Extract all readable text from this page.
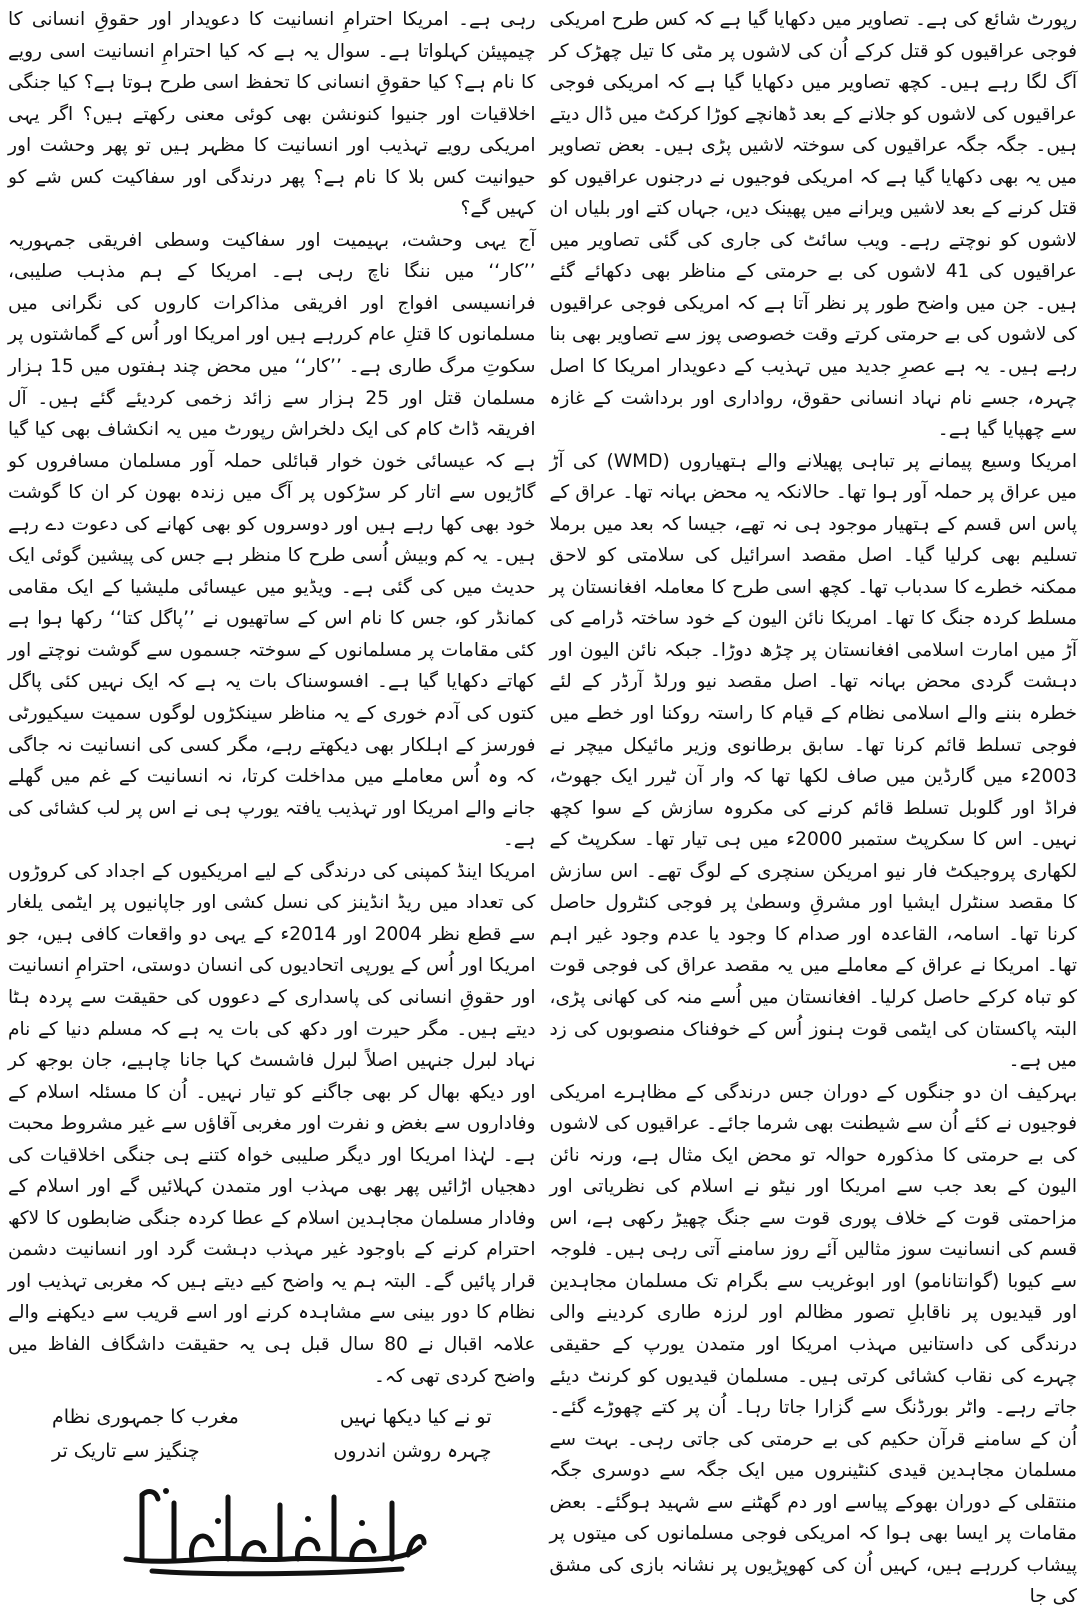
رہی ہے۔ امریکا احترامِ انسانیت کا دعویدار اور حقوقِ انسانی کا چیمپیئن کہلواتا ہے۔ سوال یہ ہے کہ کیا احترامِ انسانیت اسی رویے کا نام ہے؟ کیا حقوقِ انسانی کا تحفظ اسی طرح ہوتا ہے؟ کیا جنگی اخلاقیات اور جنیوا کنونشن بھی کوئی معنی رکھتے ہیں؟ اگر یہی امریکی رویے تہذیب اور انسانیت کا مظہر ہیں تو پھر وحشت اور حیوانیت کس بلا کا نام ہے؟ پھر درندگی اور سفاکیت کس شے کو کہیں گے؟

آج یہی وحشت، بہیمیت اور سفاکیت وسطی افریقی جمہوریہ ’’کار‘‘ میں ننگا ناچ رہی ہے۔ امریکا کے ہم مذہب صلیبی، فرانسیسی افواج اور افریقی مذاکرات کاروں کی نگرانی میں مسلمانوں کا قتلِ عام کررہے ہیں اور امریکا اور اُس کے گماشتوں پر سکوتِ مرگ طاری ہے۔ ’’کار‘‘ میں محض چند ہفتوں میں 15 ہزار مسلمان قتل اور 25 ہزار سے زائد زخمی کردیئے گئے ہیں۔ آل افریقہ ڈاٹ کام کی ایک دلخراش رپورٹ میں یہ انکشاف بھی کیا گیا ہے کہ عیسائی خون خوار قبائلی حملہ آور مسلمان مسافروں کو گاڑیوں سے اتار کر سڑکوں پر آگ میں زندہ بھون کر ان کا گوشت خود بھی کھا رہے ہیں اور دوسروں کو بھی کھانے کی دعوت دے رہے ہیں۔ یہ کم وبیش اُسی طرح کا منظر ہے جس کی پیشین گوئی ایک حدیث میں کی گئی ہے۔ ویڈیو میں عیسائی ملیشیا کے ایک مقامی کمانڈر کو، جس کا نام اس کے ساتھیوں نے ’’پاگل کتا‘‘ رکھا ہوا ہے کئی مقامات پر مسلمانوں کے سوختہ جسموں سے گوشت نوچتے اور کھاتے دکھایا گیا ہے۔ افسوسناک بات یہ ہے کہ ایک نہیں کئی پاگل کتوں کی آدم خوری کے یہ مناظر سینکڑوں لوگوں سمیت سیکیورٹی فورسز کے اہلکار بھی دیکھتے رہے، مگر کسی کی انسانیت نہ جاگی کہ وہ اُس معاملے میں مداخلت کرتا، نہ انسانیت کے غم میں گھلے جانے والے امریکا اور تہذیب یافتہ یورپ ہی نے اس پر لب کشائی کی ہے۔

امریکا اینڈ کمپنی کی درندگی کے لیے امریکیوں کے اجداد کی کروڑوں کی تعداد میں ریڈ انڈینز کی نسل کشی اور جاپانیوں پر ایٹمی یلغار سے قطع نظر 2004 اور 2014ء کے یہی دو واقعات کافی ہیں، جو امریکا اور اُس کے یورپی اتحادیوں کی انسان دوستی، احترامِ انسانیت اور حقوقِ انسانی کی پاسداری کے دعووں کی حقیقت سے پردہ ہٹا دیتے ہیں۔ مگر حیرت اور دکھ کی بات یہ ہے کہ مسلم دنیا کے نام نہاد لبرل جنہیں اصلاً لبرل فاشسٹ کہا جانا چاہیے، جان بوجھ کر اور دیکھ بھال کر بھی جاگنے کو تیار نہیں۔ اُن کا مسئلہ اسلام کے وفاداروں سے بغض و نفرت اور مغربی آقاؤں سے غیر مشروط محبت ہے۔ لہٰذا امریکا اور دیگر صلیبی خواہ کتنے ہی جنگی اخلاقیات کی دھجیاں اڑائیں پھر بھی مہذب اور متمدن کہلائیں گے اور اسلام کے وفادار مسلمان مجاہدین اسلام کے عطا کردہ جنگی ضابطوں کا لاکھ احترام کرنے کے باوجود غیر مہذب دہشت گرد اور انسانیت دشمن قرار پائیں گے۔ البتہ ہم یہ واضح کیے دیتے ہیں کہ مغربی تہذیب اور نظام کا دور بینی سے مشاہدہ کرنے اور اسے قریب سے دیکھنے والے علامہ اقبال نے 80 سال قبل ہی یہ حقیقت داشگاف الفاظ میں واضح کردی تھی کہ۔

تو نے کیا دیکھا نہیں
مغرب کا جمہوری نظام
چہرہ روشن اندروں
چنگیز سے تاریک تر

رپورٹ شائع کی ہے۔ تصاویر میں دکھایا گیا ہے کہ کس طرح امریکی فوجی عراقیوں کو قتل کرکے اُن کی لاشوں پر مٹی کا تیل چھڑک کر آگ لگا رہے ہیں۔ کچھ تصاویر میں دکھایا گیا ہے کہ امریکی فوجی عراقیوں کی لاشوں کو جلانے کے بعد ڈھانچے کوڑا کرکٹ میں ڈال دیتے ہیں۔ جگہ جگہ عراقیوں کی سوختہ لاشیں پڑی ہیں۔ بعض تصاویر میں یہ بھی دکھایا گیا ہے کہ امریکی فوجیوں نے درجنوں عراقیوں کو قتل کرنے کے بعد لاشیں ویرانے میں پھینک دیں، جہاں کتے اور بلیاں ان لاشوں کو نوچتے رہے۔ ویب سائٹ کی جاری کی گئی تصاویر میں عراقیوں کی 41 لاشوں کی بے حرمتی کے مناظر بھی دکھائے گئے ہیں۔ جن میں واضح طور پر نظر آتا ہے کہ امریکی فوجی عراقیوں کی لاشوں کی بے حرمتی کرتے وقت خصوصی پوز سے تصاویر بھی بنا رہے ہیں۔ یہ ہے عصرِ جدید میں تہذیب کے دعویدار امریکا کا اصل چہرہ، جسے نام نہاد انسانی حقوق، رواداری اور برداشت کے غازہ سے چھپایا گیا ہے۔

امریکا وسیع پیمانے پر تباہی پھیلانے والے ہتھیاروں (WMD) کی آڑ میں عراق پر حملہ آور ہوا تھا۔ حالانکہ یہ محض بہانہ تھا۔ عراق کے پاس اس قسم کے ہتھیار موجود ہی نہ تھے، جیسا کہ بعد میں برملا تسلیم بھی کرلیا گیا۔ اصل مقصد اسرائیل کی سلامتی کو لاحق ممکنہ خطرے کا سدباب تھا۔ کچھ اسی طرح کا معاملہ افغانستان پر مسلط کردہ جنگ کا تھا۔ امریکا نائن الیون کے خود ساختہ ڈرامے کی آڑ میں امارت اسلامی افغانستان پر چڑھ دوڑا۔ جبکہ نائن الیون اور دہشت گردی محض بہانہ تھا۔ اصل مقصد نیو ورلڈ آرڈر کے لئے خطرہ بننے والے اسلامی نظام کے قیام کا راستہ روکنا اور خطے میں فوجی تسلط قائم کرنا تھا۔ سابق برطانوی وزیر مائیکل میچر نے 2003ء میں گارڈین میں صاف لکھا تھا کہ وار آن ٹیرر ایک جھوٹ، فراڈ اور گلوبل تسلط قائم کرنے کی مکروہ سازش کے سوا کچھ نہیں۔ اس کا سکرپٹ ستمبر 2000ء میں ہی تیار تھا۔ سکرپٹ کے لکھاری پروجیکٹ فار نیو امریکن سنچری کے لوگ تھے۔ اس سازش کا مقصد سنٹرل ایشیا اور مشرقِ وسطیٰ پر فوجی کنٹرول حاصل کرنا تھا۔ اسامہ، القاعدہ اور صدام کا وجود یا عدم وجود غیر اہم تھا۔ امریکا نے عراق کے معاملے میں یہ مقصد عراق کی فوجی قوت کو تباہ کرکے حاصل کرلیا۔ افغانستان میں اُسے منہ کی کھانی پڑی، البتہ پاکستان کی ایٹمی قوت ہنوز اُس کے خوفناک منصوبوں کی زد میں ہے۔

بہرکیف ان دو جنگوں کے دوران جس درندگی کے مظاہرے امریکی فوجیوں نے کئے اُن سے شیطنت بھی شرما جائے۔ عراقیوں کی لاشوں کی بے حرمتی کا مذکورہ حوالہ تو محض ایک مثال ہے، ورنہ نائن الیون کے بعد جب سے امریکا اور نیٹو نے اسلام کی نظریاتی اور مزاحمتی قوت کے خلاف پوری قوت سے جنگ چھیڑ رکھی ہے، اس قسم کی انسانیت سوز مثالیں آئے روز سامنے آتی رہی ہیں۔ فلوجہ سے کیوبا (گوانتانامو) اور ابوغریب سے بگرام تک مسلمان مجاہدین اور قیدیوں پر ناقابلِ تصور مظالم اور لرزہ طاری کردینے والی درندگی کی داستانیں مہذب امریکا اور متمدن یورپ کے حقیقی چہرے کی نقاب کشائی کرتی ہیں۔ مسلمان قیدیوں کو کرنٹ دیئے جاتے رہے۔ واٹر بورڈنگ سے گزارا جاتا رہا۔ اُن پر کتے چھوڑے گئے۔ اُن کے سامنے قرآن حکیم کی بے حرمتی کی جاتی رہی۔ بہت سے مسلمان مجاہدین قیدی کنٹینروں میں ایک جگہ سے دوسری جگہ منتقلی کے دوران بھوکے پیاسے اور دم گھٹنے سے شہید ہوگئے۔ بعض مقامات پر ایسا بھی ہوا کہ امریکی فوجی مسلمانوں کی میتوں پر پیشاب کررہے ہیں، کہیں اُن کی کھوپڑیوں پر نشانہ بازی کی مشق کی جا
